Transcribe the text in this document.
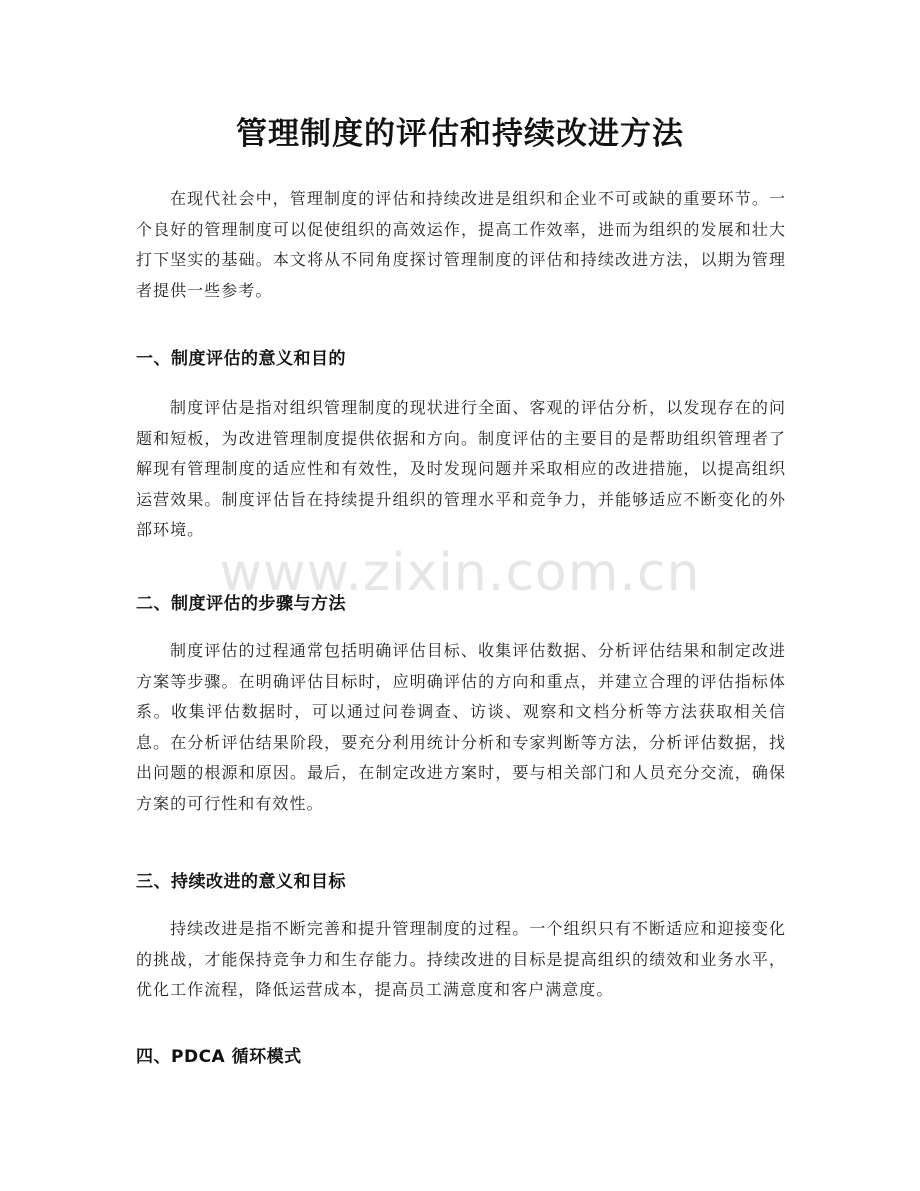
www.zixin.com.cn
管理制度的评估和持续改进方法

在现代社会中，管理制度的评估和持续改进是组织和企业不可或缺的重要环节。一个良好的管理制度可以促使组织的高效运作，提高工作效率，进而为组织的发展和壮大打下坚实的基础。本文将从不同角度探讨管理制度的评估和持续改进方法，以期为管理者提供一些参考。

一、制度评估的意义和目的

制度评估是指对组织管理制度的现状进行全面、客观的评估分析，以发现存在的问题和短板，为改进管理制度提供依据和方向。制度评估的主要目的是帮助组织管理者了解现有管理制度的适应性和有效性，及时发现问题并采取相应的改进措施，以提高组织运营效果。制度评估旨在持续提升组织的管理水平和竞争力，并能够适应不断变化的外部环境。

二、制度评估的步骤与方法

制度评估的过程通常包括明确评估目标、收集评估数据、分析评估结果和制定改进方案等步骤。在明确评估目标时，应明确评估的方向和重点，并建立合理的评估指标体系。收集评估数据时，可以通过问卷调查、访谈、观察和文档分析等方法获取相关信息。在分析评估结果阶段，要充分利用统计分析和专家判断等方法，分析评估数据，找出问题的根源和原因。最后，在制定改进方案时，要与相关部门和人员充分交流，确保方案的可行性和有效性。

三、持续改进的意义和目标

持续改进是指不断完善和提升管理制度的过程。一个组织只有不断适应和迎接变化的挑战，才能保持竞争力和生存能力。持续改进的目标是提高组织的绩效和业务水平，优化工作流程，降低运营成本，提高员工满意度和客户满意度。

四、PDCA 循环模式
